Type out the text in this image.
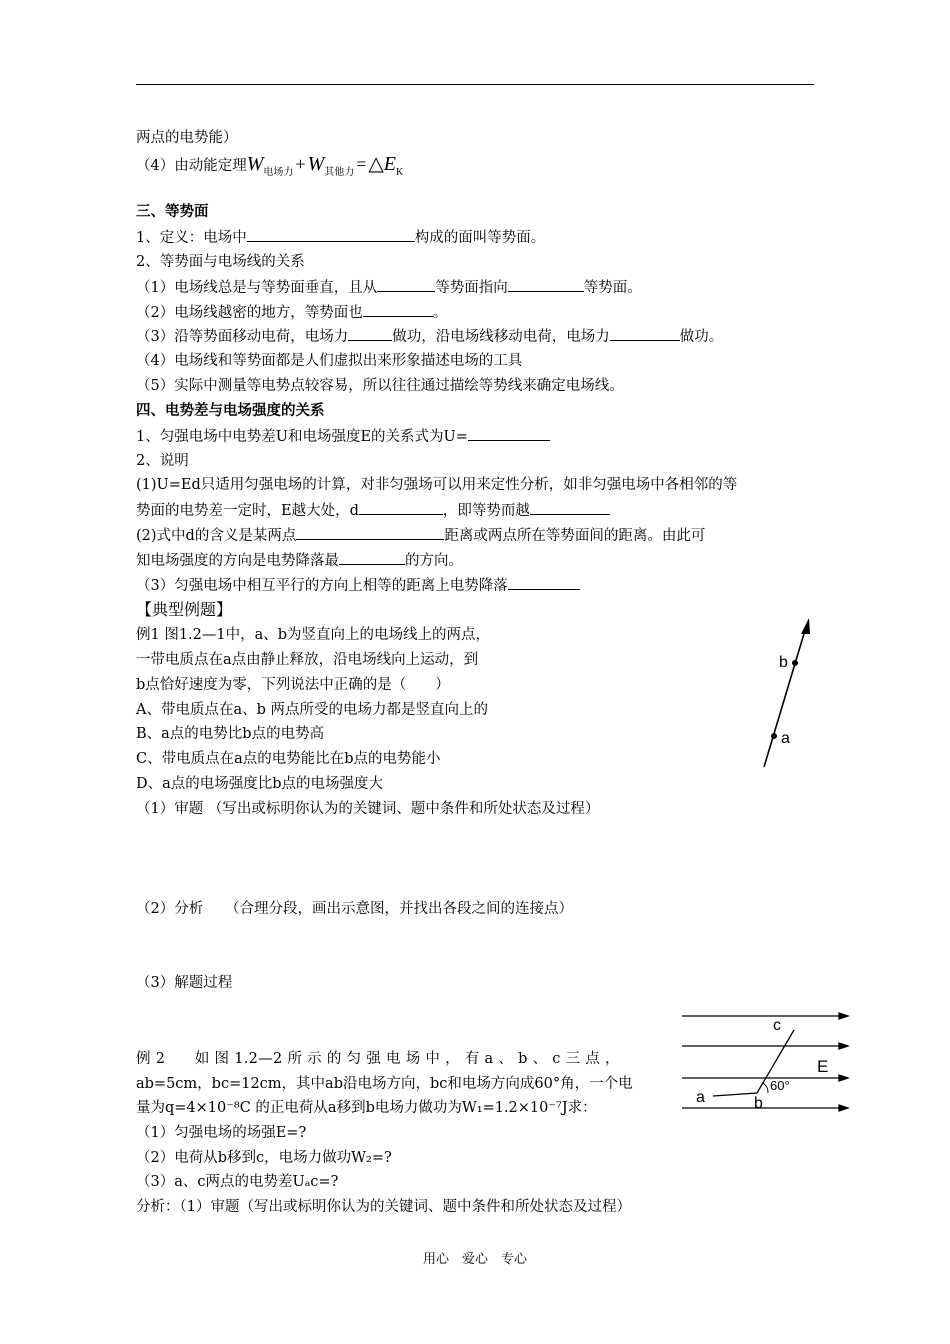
两点的电势能）
（4）由动能定理$W_{电场力} + W_{其他力}$ = $\triangle E_K$
三、等势面
1、定义：电场中	构成的面叫等势面。
2、等势面与电场线的关系
（1）电场线总是与等势面垂直，且从	等势面指向	等势面。
（2）电场线越密的地方，等势面也	。
（3）沿等势面移动电荷，电场力	做功，沿电场线移动电荷，电场力	做功。
（4）电场线和等势面都是人们虚拟出来形象描述电场的工具
（5）实际中测量等电势点较容易，所以往往通过描绘等势线来确定电场线。
四、电势差与电场强度的关系
1、匀强电场中电势差U和电场强度E的关系式为U=
2、说明
(1)U=Ed只适用匀强电场的计算，对非匀强场可以用来定性分析，如非匀强电场中各相邻的等
势面的电势差一定时，E越大处，d	，即等势而越
(2)式中d的含义是某两点	距离或两点所在等势面间的距离。由此可
知电场强度的方向是电势降落最	的方向。
（3）匀强电场中相互平行的方向上相等的距离上电势降落
【典型例题】
例1 图1.2—1中，a、b为竖直向上的电场线上的两点，
一带电质点在a点由静止释放，沿电场线向上运动，到
b点恰好速度为零，下列说法中正确的是（　　）
A、带电质点在a、b 两点所受的电场力都是竖直向上的
B、a点的电势比b点的电势高
C、带电质点在a点的电势能比在b点的电势能小
D、a点的电场强度比b点的电场强度大
（1）审题 （写出或标明你认为的关键词、题中条件和所处状态及过程）
（2）分析　　（合理分段，画出示意图，并找出各段之间的连接点）
（3）解题过程
b
a
例 2　　如 图 1.2—2 所 示 的 匀 强 电 场 中 ， 有 a 、 b 、 c 三 点 ，
ab=5cm，bc=12cm，其中ab沿电场方向，bc和电场方向成60°角，一个电
量为q=4×10⁻⁸C 的正电荷从a移到b电场力做功为W₁=1.2×10⁻⁷J求：
（1）匀强电场的场强E=?
（2）电荷从b移到c，电场力做功W₂=?
（3）a、c两点的电势差Uₐc=?
分析：（1）审题（写出或标明你认为的关键词、题中条件和所处状态及过程）
c
E
60°
a	b
用心　爱心　专心
